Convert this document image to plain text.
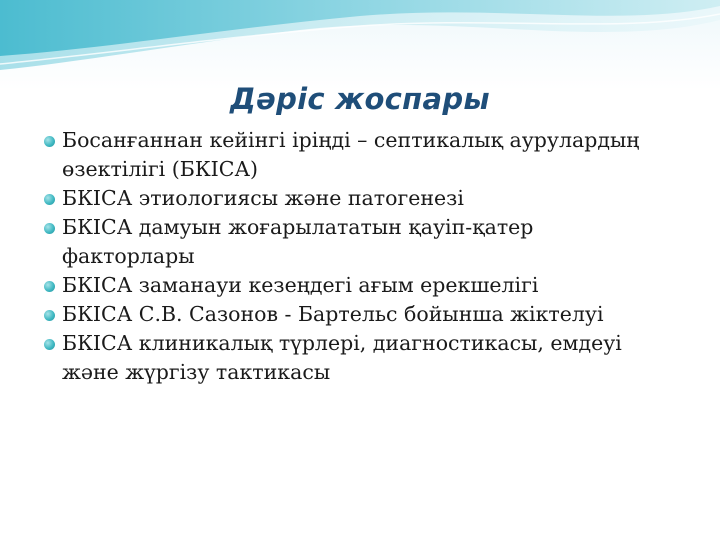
Дәріс жоспары
Босанғаннан кейінгі іріңді – септикалық аурулардың өзектілігі (БКІСА)
БКІСА этиологиясы және патогенезі
БКІСА дамуын жоғарылататын қауіп-қатер факторлары
БКІСА заманауи кезеңдегі ағым ерекшелігі
БКІСА С.В. Сазонов - Бартельс бойынша жіктелуі
БКІСА клиникалық түрлері, диагностикасы, емдеуі және жүргізу тактикасы
